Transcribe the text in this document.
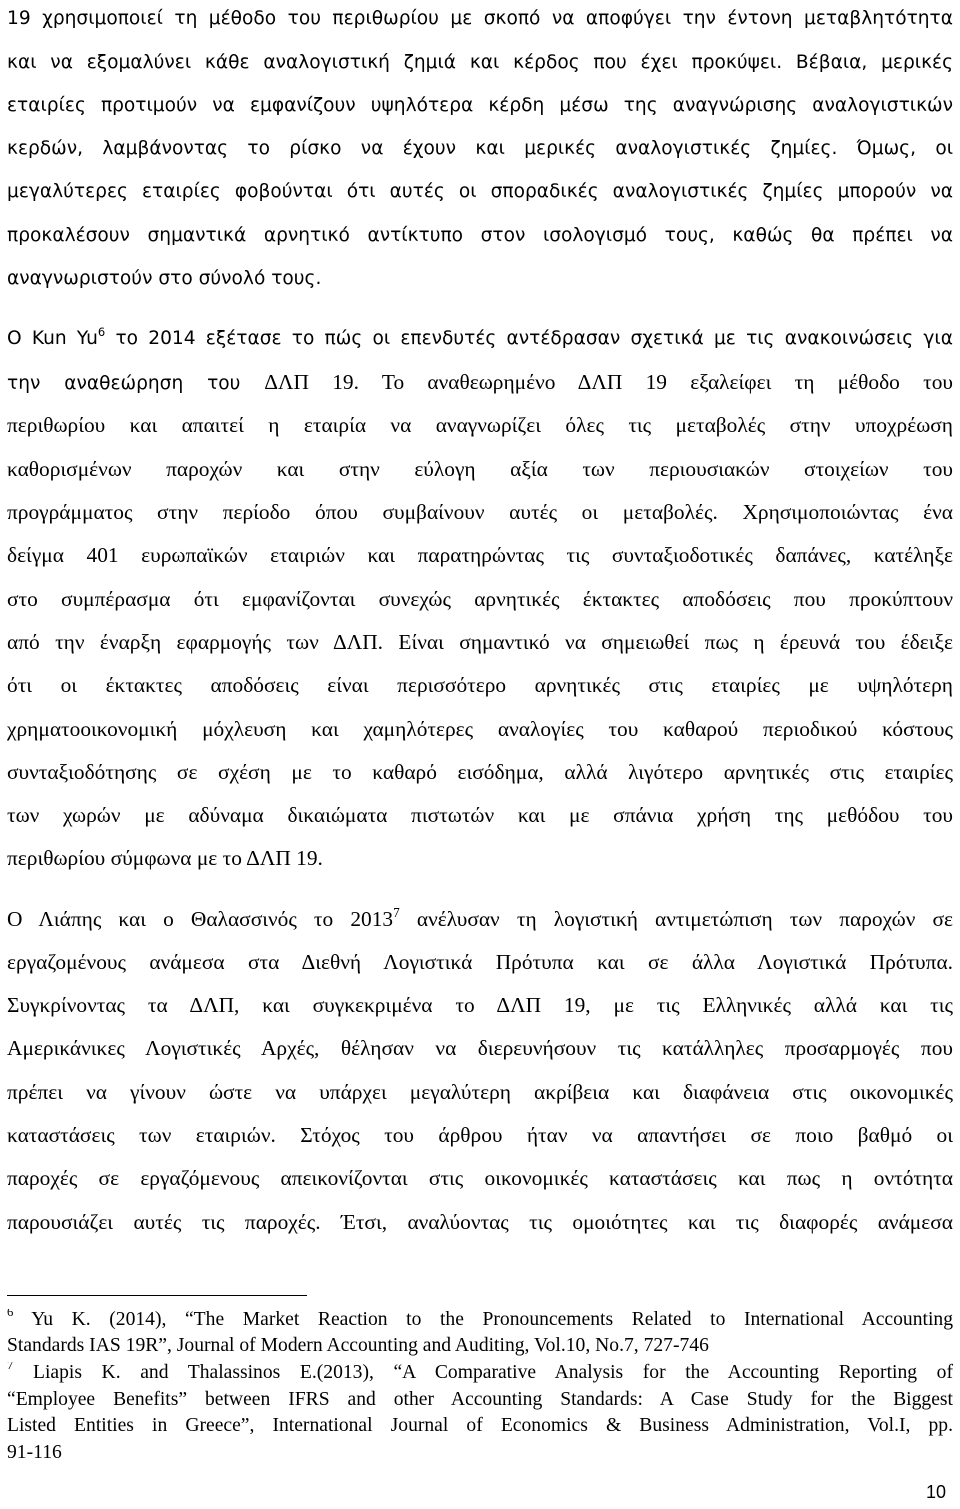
19 χρησιμοποιεί τη μέθοδο του περιθωρίου με σκοπό να αποφύγει την έντονη μεταβλητότητα
και να εξομαλύνει κάθε αναλογιστική ζημιά και κέρδος που έχει προκύψει. Βέβαια, μερικές
εταιρίες προτιμούν να εμφανίζουν υψηλότερα κέρδη μέσω της αναγνώρισης αναλογιστικών
κερδών, λαμβάνοντας το ρίσκο να έχουν και μερικές αναλογιστικές ζημίες. Όμως, οι
μεγαλύτερες εταιρίες φοβούνται ότι αυτές οι σποραδικές αναλογιστικές ζημίες μπορούν να
προκαλέσουν σημαντικά αρνητικό αντίκτυπο στον ισολογισμό τους, καθώς θα πρέπει να
αναγνωριστούν στο σύνολό τους.
O Kun Yu$^6$ το 2014 εξέτασε το πώς οι επενδυτές αντέδρασαν σχετικά με τις ανακοινώσεις για
την αναθεώρηση του ΔΛΠ 19. Το αναθεωρημένο ΔΛΠ 19 εξαλείφει τη μέθοδο του
περιθωρίου και απαιτεί η εταιρία να αναγνωρίζει όλες τις μεταβολές στην υποχρέωση
καθορισμένων παροχών και στην εύλογη αξία των περιουσιακών στοιχείων του
προγράμματος στην περίοδο όπου συμβαίνουν αυτές οι μεταβολές. Χρησιμοποιώντας ένα
δείγμα 401 ευρωπαϊκών εταιριών και παρατηρώντας τις συνταξιοδοτικές δαπάνες, κατέληξε
στο συμπέρασμα ότι εμφανίζονται συνεχώς αρνητικές έκτακτες αποδόσεις που προκύπτουν
από την έναρξη εφαρμογής των ΔΛΠ. Είναι σημαντικό να σημειωθεί πως η έρευνά του έδειξε
ότι οι έκτακτες αποδόσεις είναι περισσότερο αρνητικές στις εταιρίες με υψηλότερη
χρηματοοικονομική μόχλευση και χαμηλότερες αναλογίες του καθαρού περιοδικού κόστους
συνταξιοδότησης σε σχέση με το καθαρό εισόδημα, αλλά λιγότερο αρνητικές στις εταιρίες
των χωρών με αδύναμα δικαιώματα πιστωτών και με σπάνια χρήση της μεθόδου του
περιθωρίου σύμφωνα με το ΔΛΠ 19.
Ο Λιάπης και ο Θαλασσινός το 2013$^7$ ανέλυσαν τη λογιστική αντιμετώπιση των παροχών σε
εργαζομένους ανάμεσα στα Διεθνή Λογιστικά Πρότυπα και σε άλλα Λογιστικά Πρότυπα.
Συγκρίνοντας τα ΔΛΠ, και συγκεκριμένα το ΔΛΠ 19, με τις Ελληνικές αλλά και τις
Αμερικάνικες Λογιστικές Αρχές, θέλησαν να διερευνήσουν τις κατάλληλες προσαρμογές που
πρέπει να γίνουν ώστε να υπάρχει μεγαλύτερη ακρίβεια και διαφάνεια στις οικονομικές
καταστάσεις των εταιριών. Στόχος του άρθρου ήταν να απαντήσει σε ποιο βαθμό οι
παροχές σε εργαζόμενους απεικονίζονται στις οικονομικές καταστάσεις και πως η οντότητα
παρουσιάζει αυτές τις παροχές. Έτσι, αναλύοντας τις ομοιότητες και τις διαφορές ανάμεσα
$^6$ Yu K. (2014), “The Market Reaction to the Pronouncements Related to International Accounting
Standards IAS 19R”, Journal of Modern Accounting and Auditing, Vol.10, No.7, 727-746
$^7$ Liapis K. and Thalassinos E.(2013), “A Comparative Analysis for the Accounting Reporting of
“Employee Benefits” between IFRS and other Accounting Standards: A Case Study for the Biggest
Listed Entities in Greece”, International Journal of Economics & Business Administration, Vol.I, pp.
91-116
10
